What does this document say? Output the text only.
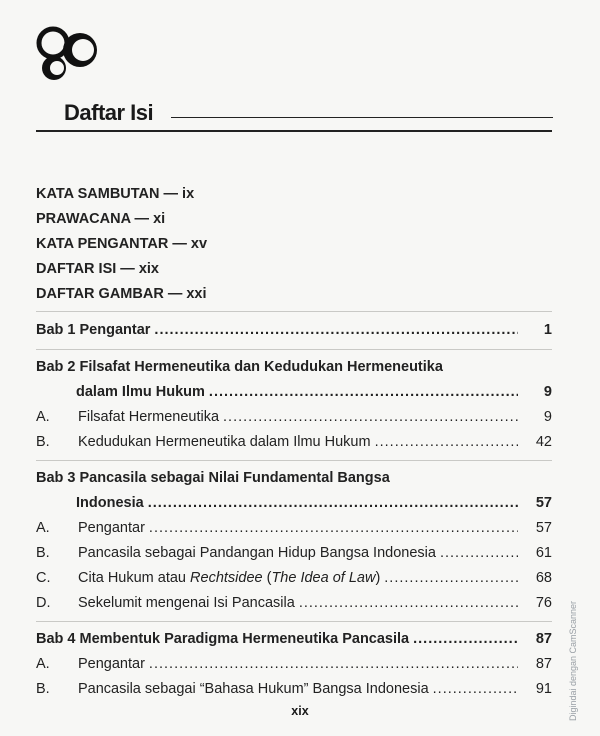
Daftar Isi
KATA SAMBUTAN — ix
PRAWACANA — xi
KATA PENGANTAR — xv
DAFTAR ISI — xix
DAFTAR GAMBAR — xxi
Bab 1 Pengantar .....	1
Bab 2 Filsafat Hermeneutika dan Kedudukan Hermeneutika
dalam Ilmu Hukum .....	9
A.	Filsafat Hermeneutika .....	9
B.	Kedudukan Hermeneutika dalam Ilmu Hukum .....	42
Bab 3 Pancasila sebagai Nilai Fundamental Bangsa
Indonesia .....	57
A.	Pengantar .....	57
B.	Pancasila sebagai Pandangan Hidup Bangsa Indonesia .....	61
C.	Cita Hukum atau Rechtsidee (The Idea of Law) .....	68
D.	Sekelumit mengenai Isi Pancasila .....	76
Bab 4 Membentuk Paradigma Hermeneutika Pancasila .....	87
A.	Pengantar .....	87
B.	Pancasila sebagai “Bahasa Hukum” Bangsa Indonesia .....	91
xix	Digindai dengan CamScanner
